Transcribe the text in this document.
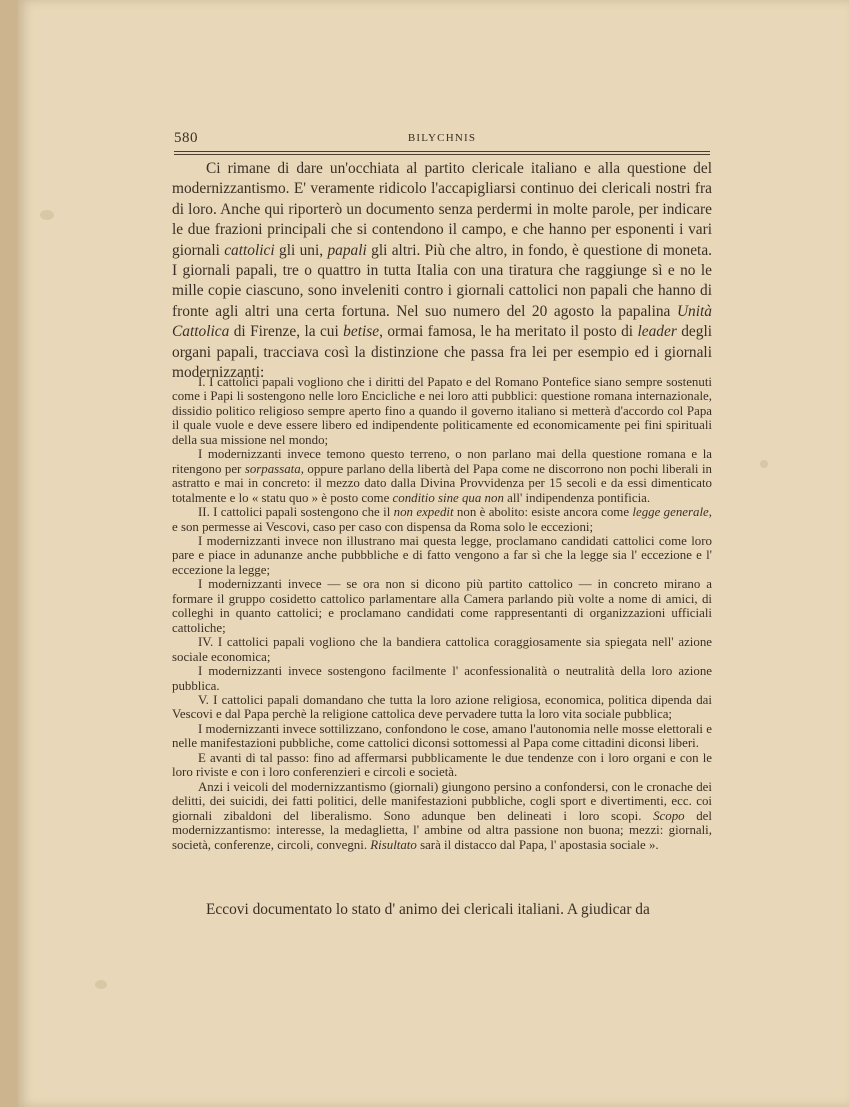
580	BILYCHNIS

Ci rimane di dare un'occhiata al partito clericale italiano e alla questione del modernizzantismo. E' veramente ridicolo l'accapigliarsi continuo dei clericali nostri fra di loro. Anche qui riporterò un documento senza perdermi in molte parole, per indicare le due frazioni principali che si contendono il campo, e che hanno per esponenti i vari giornali cattolici gli uni, papali gli altri. Più che altro, in fondo, è questione di moneta. I giornali papali, tre o quattro in tutta Italia con una tiratura che raggiunge sì e no le mille copie ciascuno, sono inveleniti contro i giornali cattolici non papali che hanno di fronte agli altri una certa fortuna. Nel suo numero del 20 agosto la papalina Unità Cattolica di Firenze, la cui betise, ormai famosa, le ha meritato il posto di leader degli organi papali, tracciava così la distinzione che passa fra lei per esempio ed i giornali modernizzanti:

I. I cattolici papali vogliono che i diritti del Papato e del Romano Pontefice siano sempre sostenuti come i Papi li sostengono nelle loro Encicliche e nei loro atti pubblici: questione romana internazionale, dissidio politico religioso sempre aperto fino a quando il governo italiano si metterà d'accordo col Papa il quale vuole e deve essere libero ed indipendente politicamente ed economicamente pei fini spirituali della sua missione nel mondo;

I modernizzanti invece temono questo terreno, o non parlano mai della questione romana e la ritengono per sorpassata, oppure parlano della libertà del Papa come ne discorrono non pochi liberali in astratto e mai in concreto: il mezzo dato dalla Divina Provvidenza per 15 secoli e da essi dimenticato totalmente e lo « statu quo » è posto come conditio sine qua non all' indipendenza pontificia.

II. I cattolici papali sostengono che il non expedit non è abolito: esiste ancora come legge generale, e son permesse ai Vescovi, caso per caso con dispensa da Roma solo le eccezioni;

I modernizzanti invece non illustrano mai questa legge, proclamano candidati cattolici come loro pare e piace in adunanze anche pubbbliche e di fatto vengono a far sì che la legge sia l' eccezione e l' eccezione la legge;

I modernizzanti invece — se ora non si dicono più partito cattolico — in concreto mirano a formare il gruppo cosidetto cattolico parlamentare alla Camera parlando più volte a nome di amici, di colleghi in quanto cattolici; e proclamano candidati come rappresentanti di organizzazioni ufficiali cattoliche;

IV. I cattolici papali vogliono che la bandiera cattolica coraggiosamente sia spiegata nell' azione sociale economica;

I modernizzanti invece sostengono facilmente l' aconfessionalità o neutralità della loro azione pubblica.

V. I cattolici papali domandano che tutta la loro azione religiosa, economica, politica dipenda dai Vescovi e dal Papa perchè la religione cattolica deve pervadere tutta la loro vita sociale pubblica;

I modernizzanti invece sottilizzano, confondono le cose, amano l'autonomia nelle mosse elettorali e nelle manifestazioni pubbliche, come cattolici diconsi sottomessi al Papa come cittadini diconsi liberi.

E avanti di tal passo: fino ad affermarsi pubblicamente le due tendenze con i loro organi e con le loro riviste e con i loro conferenzieri e circoli e società.

Anzi i veicoli del modernizzantismo (giornali) giungono persino a confondersi, con le cronache dei delitti, dei suicidi, dei fatti politici, delle manifestazioni pubbliche, cogli sport e divertimenti, ecc. coi giornali zibaldoni del liberalismo. Sono adunque ben delineati i loro scopi. Scopo del modernizzantismo: interesse, la medaglietta, l' ambine od altra passione non buona; mezzi: giornali, società, conferenze, circoli, convegni. Risultato sarà il distacco dal Papa, l' apostasia sociale ».

Eccovi documentato lo stato d' animo dei clericali italiani. A giudicar da
